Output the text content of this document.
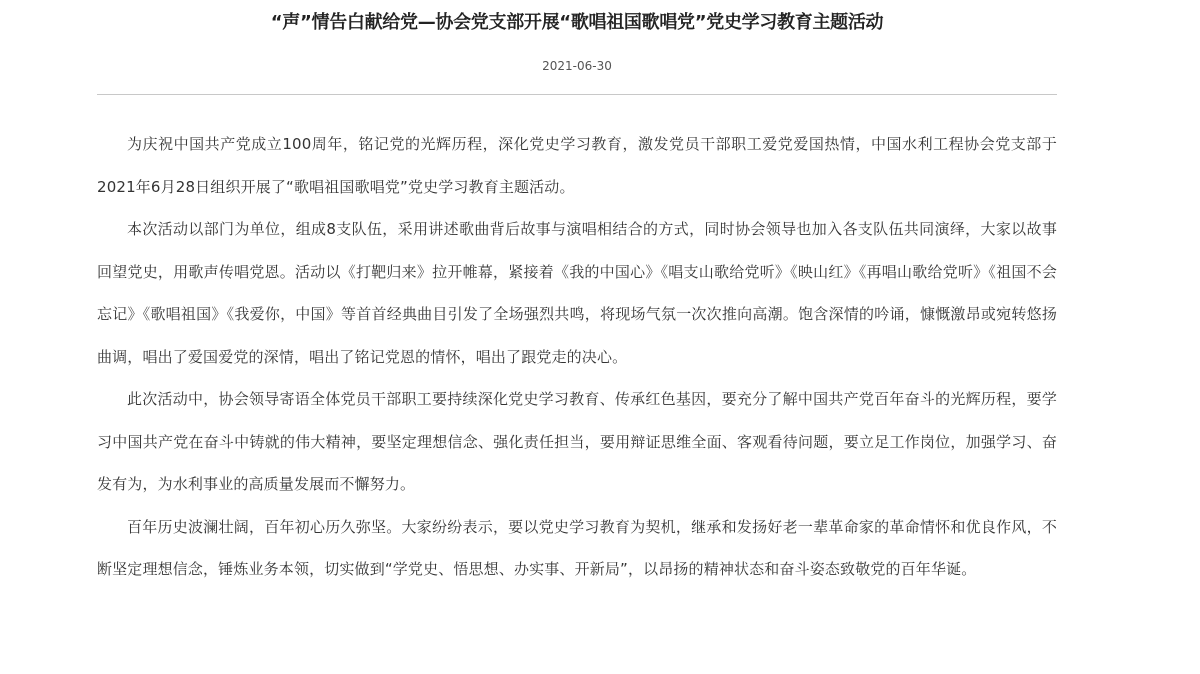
“声”情告白献给党—协会党支部开展“歌唱祖国歌唱党”党史学习教育主题活动
2021-06-30

为庆祝中国共产党成立100周年，铭记党的光辉历程，深化党史学习教育，激发党员干部职工爱党爱国热情，中国水利工程协会党支部于2021年6月28日组织开展了“歌唱祖国歌唱党”党史学习教育主题活动。

本次活动以部门为单位，组成8支队伍，采用讲述歌曲背后故事与演唱相结合的方式，同时协会领导也加入各支队伍共同演绎，大家以故事回望党史，用歌声传唱党恩。活动以《打靶归来》拉开帷幕，紧接着《我的中国心》《唱支山歌给党听》《映山红》《再唱山歌给党听》《祖国不会忘记》《歌唱祖国》《我爱你，中国》等首首经典曲目引发了全场强烈共鸣，将现场气氛一次次推向高潮。饱含深情的吟诵，慷慨激昂或宛转悠扬曲调，唱出了爱国爱党的深情，唱出了铭记党恩的情怀，唱出了跟党走的决心。

此次活动中，协会领导寄语全体党员干部职工要持续深化党史学习教育、传承红色基因，要充分了解中国共产党百年奋斗的光辉历程，要学习中国共产党在奋斗中铸就的伟大精神，要坚定理想信念、强化责任担当，要用辩证思维全面、客观看待问题，要立足工作岗位，加强学习、奋发有为，为水利事业的高质量发展而不懈努力。

百年历史波澜壮阔，百年初心历久弥坚。大家纷纷表示，要以党史学习教育为契机，继承和发扬好老一辈革命家的革命情怀和优良作风，不断坚定理想信念，锤炼业务本领，切实做到“学党史、悟思想、办实事、开新局”，以昂扬的精神状态和奋斗姿态致敬党的百年华诞。
